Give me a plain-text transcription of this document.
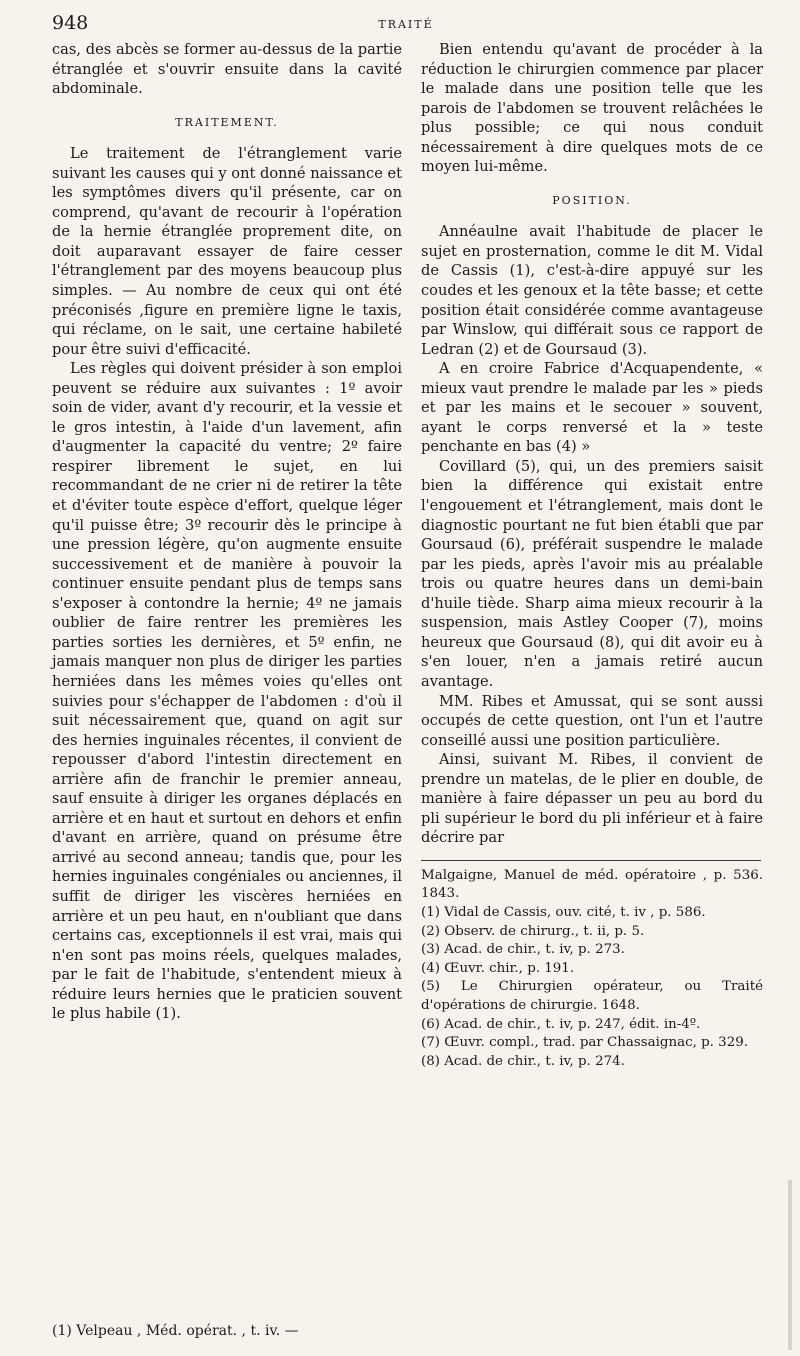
948	TRAITÉ

cas, des abcès se former au-dessus de la partie étranglée et s'ouvrir ensuite dans la cavité abdominale.

TRAITEMENT.

Le traitement de l'étranglement varie suivant les causes qui y ont donné naissance et les symptômes divers qu'il présente, car on comprend, qu'avant de recourir à l'opération de la hernie étranglée proprement dite, on doit auparavant essayer de faire cesser l'étranglement par des moyens beaucoup plus simples. — Au nombre de ceux qui ont été préconisés ,figure en première ligne le taxis, qui réclame, on le sait, une certaine habileté pour être suivi d'efficacité.

Les règles qui doivent présider à son emploi peuvent se réduire aux suivantes : 1º avoir soin de vider, avant d'y recourir, et la vessie et le gros intestin, à l'aide d'un lavement, afin d'augmenter la capacité du ventre; 2º faire respirer librement le sujet, en lui recommandant de ne crier ni de retirer la tête et d'éviter toute espèce d'effort, quelque léger qu'il puisse être; 3º recourir dès le principe à une pression légère, qu'on augmente ensuite successivement et de manière à pouvoir la continuer ensuite pendant plus de temps sans s'exposer à contondre la hernie; 4º ne jamais oublier de faire rentrer les premières les parties sorties les dernières, et 5º enfin, ne jamais manquer non plus de diriger les parties herniées dans les mêmes voies qu'elles ont suivies pour s'échapper de l'abdomen : d'où il suit nécessairement que, quand on agit sur des hernies inguinales récentes, il convient de repousser d'abord l'intestin directement en arrière afin de franchir le premier anneau, sauf ensuite à diriger les organes déplacés en arrière et en haut et surtout en dehors et enfin d'avant en arrière, quand on présume être arrivé au second anneau; tandis que, pour les hernies inguinales congéniales ou anciennes, il suffit de diriger les viscères herniées en arrière et un peu haut, en n'oubliant que dans certains cas, exceptionnels il est vrai, mais qui n'en sont pas moins réels, quelques malades, par le fait de l'habitude, s'entendent mieux à réduire leurs hernies que le praticien souvent le plus habile (1).

(1) Velpeau , Méd. opérat. , t. iv. —

Bien entendu qu'avant de procéder à la réduction le chirurgien commence par placer le malade dans une position telle que les parois de l'abdomen se trouvent relâchées le plus possible; ce qui nous conduit nécessairement à dire quelques mots de ce moyen lui-même.

POSITION.

Annéaulne avait l'habitude de placer le sujet en prosternation, comme le dit M. Vidal de Cassis (1), c'est-à-dire appuyé sur les coudes et les genoux et la tête basse; et cette position était considérée comme avantageuse par Winslow, qui différait sous ce rapport de Ledran (2) et de Goursaud (3).

A en croire Fabrice d'Acquapendente, « mieux vaut prendre le malade par les » pieds et par les mains et le secouer » souvent, ayant le corps renversé et la » teste penchante en bas (4) »

Covillard (5), qui, un des premiers saisit bien la différence qui existait entre l'engouement et l'étranglement, mais dont le diagnostic pourtant ne fut bien établi que par Goursaud (6), préférait suspendre le malade par les pieds, après l'avoir mis au préalable trois ou quatre heures dans un demi-bain d'huile tiède. Sharp aima mieux recourir à la suspension, mais Astley Cooper (7), moins heureux que Goursaud (8), qui dit avoir eu à s'en louer, n'en a jamais retiré aucun avantage.

MM. Ribes et Amussat, qui se sont aussi occupés de cette question, ont l'un et l'autre conseillé aussi une position particulière.

Ainsi, suivant M. Ribes, il convient de prendre un matelas, de le plier en double, de manière à faire dépasser un peu au bord du pli supérieur le bord du pli inférieur et à faire décrire par

Malgaigne, Manuel de méd. opératoire , p. 536. 1843.

(1) Vidal de Cassis, ouv. cité, t. iv , p. 586.

(2) Observ. de chirurg., t. ii, p. 5.

(3) Acad. de chir., t. iv, p. 273.

(4) Œuvr. chir., p. 191.

(5) Le Chirurgien opérateur, ou Traité d'opérations de chirurgie. 1648.

(6) Acad. de chir., t. iv, p. 247, édit. in-4º.

(7) Œuvr. compl., trad. par Chassaignac, p. 329.

(8) Acad. de chir., t. iv, p. 274.
